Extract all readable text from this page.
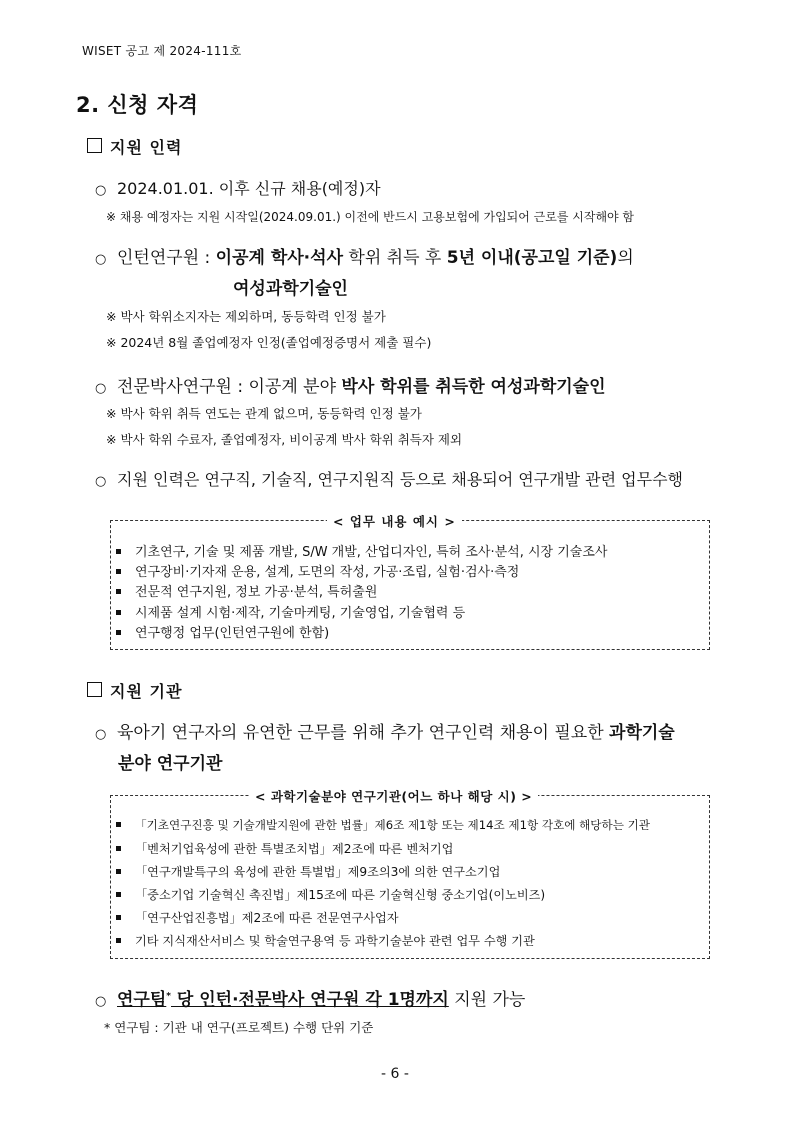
WISET 공고 제 2024-111호
2. 신청 자격
지원 인력
○ 2024.01.01. 이후 신규 채용(예정)자
※ 채용 예정자는 지원 시작일(2024.09.01.) 이전에 반드시 고용보험에 가입되어 근로를 시작해야 함
○ 인턴연구원 : 이공계 학사·석사 학위 취득 후 5년 이내(공고일 기준)의
여성과학기술인
※ 박사 학위소지자는 제외하며, 동등학력 인정 불가
※ 2024년 8월 졸업예정자 인정(졸업예정증명서 제출 필수)
○ 전문박사연구원 : 이공계 분야 박사 학위를 취득한 여성과학기술인
※ 박사 학위 취득 연도는 관계 없으며, 동등학력 인정 불가
※ 박사 학위 수료자, 졸업예정자, 비이공계 박사 학위 취득자 제외
○ 지원 인력은 연구직, 기술직, 연구지원직 등으로 채용되어 연구개발 관련 업무수행
< 업무 내용 예시 >
기초연구, 기술 및 제품 개발, S/W 개발, 산업디자인, 특허 조사·분석, 시장 기술조사
연구장비·기자재 운용, 설계, 도면의 작성, 가공·조립, 실험·검사·측정
전문적 연구지원, 정보 가공·분석, 특허출원
시제품 설계 시험·제작, 기술마케팅, 기술영업, 기술협력 등
연구행정 업무(인턴연구원에 한함)
지원 기관
○ 육아기 연구자의 유연한 근무를 위해 추가 연구인력 채용이 필요한 과학기술
분야 연구기관
< 과학기술분야 연구기관(어느 하나 해당 시) >
「기초연구진흥 및 기술개발지원에 관한 법률」제6조 제1항 또는 제14조 제1항 각호에 해당하는 기관
「벤처기업육성에 관한 특별조치법」제2조에 따른 벤처기업
「연구개발특구의 육성에 관한 특별법」제9조의3에 의한 연구소기업
「중소기업 기술혁신 촉진법」제15조에 따른 기술혁신형 중소기업(이노비즈)
「연구산업진흥법」제2조에 따른 전문연구사업자
기타 지식재산서비스 및 학술연구용역 등 과학기술분야 관련 업무 수행 기관
○ 연구팀* 당 인턴·전문박사 연구원 각 1명까지 지원 가능
* 연구팀 : 기관 내 연구(프로젝트) 수행 단위 기준
- 6 -
